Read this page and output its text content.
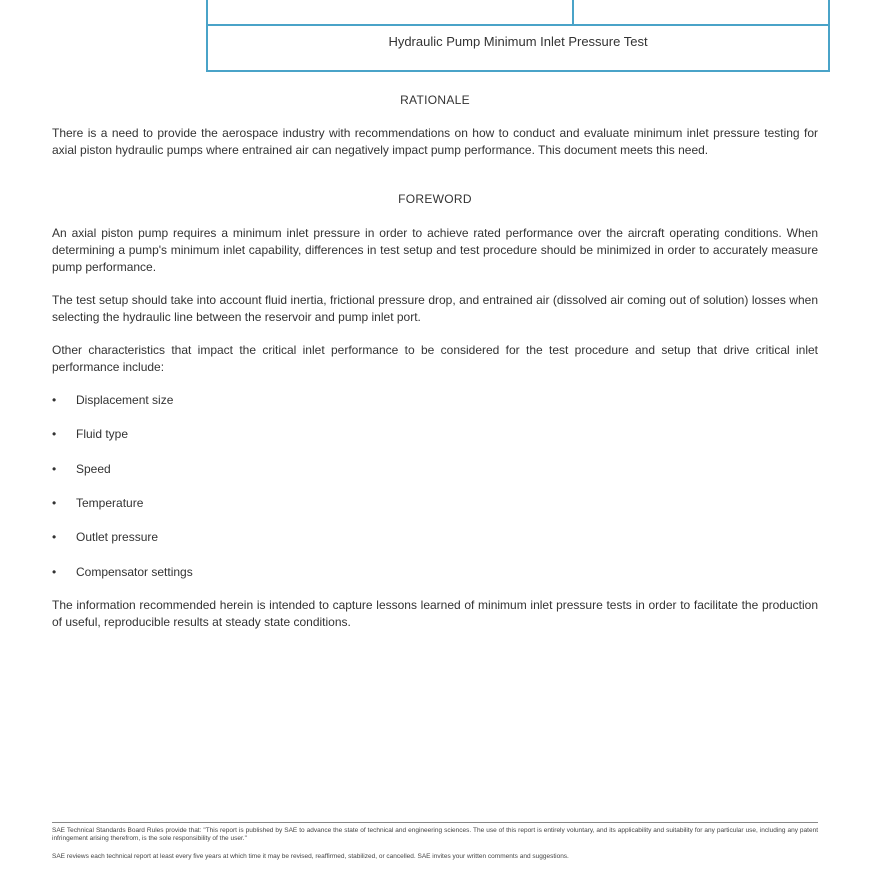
Hydraulic Pump Minimum Inlet Pressure Test
RATIONALE

There is a need to provide the aerospace industry with recommendations on how to conduct and evaluate minimum inlet pressure testing for axial piston hydraulic pumps where entrained air can negatively impact pump performance. This document meets this need.

FOREWORD

An axial piston pump requires a minimum inlet pressure in order to achieve rated performance over the aircraft operating conditions. When determining a pump's minimum inlet capability, differences in test setup and test procedure should be minimized in order to accurately measure pump performance.

The test setup should take into account fluid inertia, frictional pressure drop, and entrained air (dissolved air coming out of solution) losses when selecting the hydraulic line between the reservoir and pump inlet port.

Other characteristics that impact the critical inlet performance to be considered for the test procedure and setup that drive critical inlet performance include:

•	Displacement size
•	Fluid type
•	Speed
•	Temperature
•	Outlet pressure
•	Compensator settings

The information recommended herein is intended to capture lessons learned of minimum inlet pressure tests in order to facilitate the production of useful, reproducible results at steady state conditions.

SAE Technical Standards Board Rules provide that: "This report is published by SAE to advance the state of technical and engineering sciences. The use of this report is entirely voluntary, and its applicability and suitability for any particular use, including any patent infringement arising therefrom, is the sole responsibility of the user."

SAE reviews each technical report at least every five years at which time it may be revised, reaffirmed, stabilized, or cancelled. SAE invites your written comments and suggestions.
